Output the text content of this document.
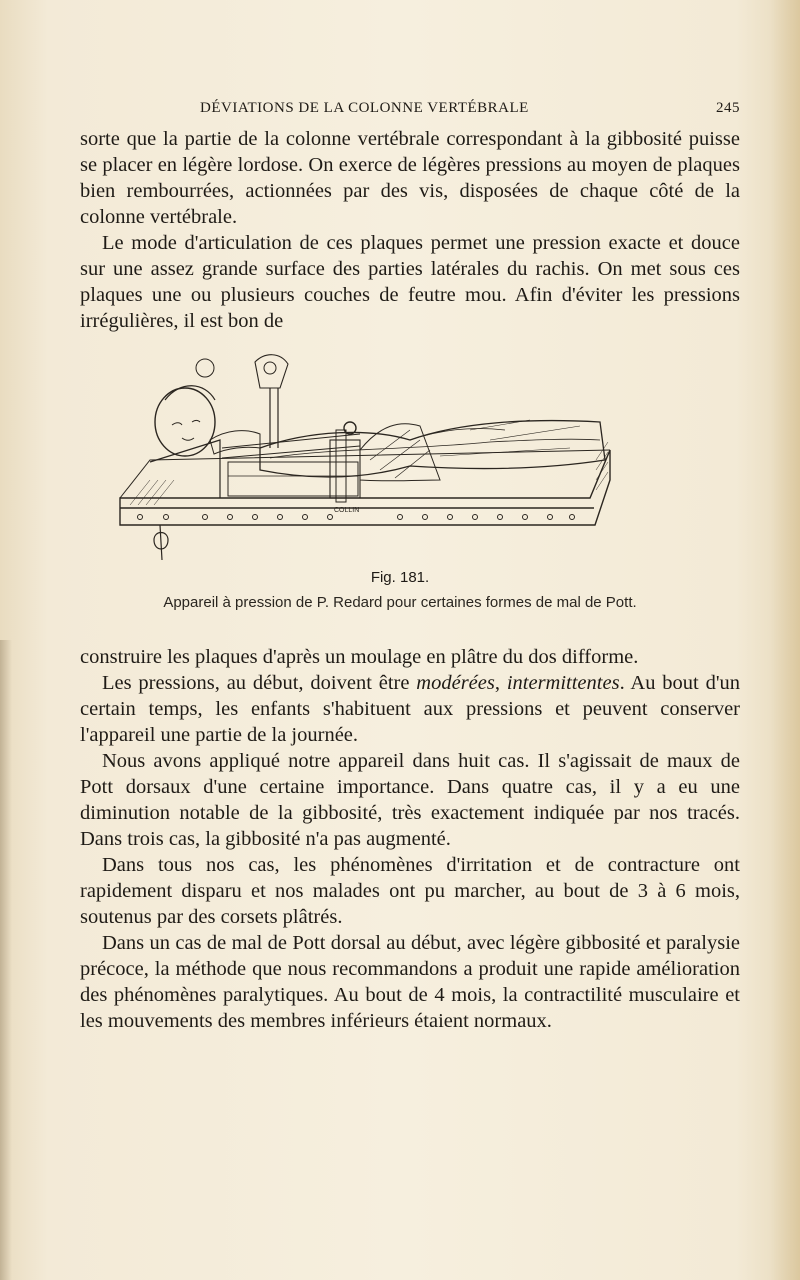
DÉVIATIONS DE LA COLONNE VERTÉBRALE	245

sorte que la partie de la colonne vertébrale correspondant à la gibbosité puisse se placer en légère lordose. On exerce de légères pressions au moyen de plaques bien rembourrées, actionnées par des vis, disposées de chaque côté de la colonne vertébrale.

Le mode d'articulation de ces plaques permet une pression exacte et douce sur une assez grande surface des parties latérales du rachis. On met sous ces plaques une ou plusieurs couches de feutre mou. Afin d'éviter les pressions irrégulières, il est bon de

COLLIN
Fig. 181.
Appareil à pression de P. Redard pour certaines formes de mal de Pott.

construire les plaques d'après un moulage en plâtre du dos difforme.

Les pressions, au début, doivent être modérées, intermittentes. Au bout d'un certain temps, les enfants s'habituent aux pressions et peuvent conserver l'appareil une partie de la journée.

Nous avons appliqué notre appareil dans huit cas. Il s'agissait de maux de Pott dorsaux d'une certaine importance. Dans quatre cas, il y a eu une diminution notable de la gibbosité, très exactement indiquée par nos tracés. Dans trois cas, la gibbosité n'a pas augmenté.

Dans tous nos cas, les phénomènes d'irritation et de contracture ont rapidement disparu et nos malades ont pu marcher, au bout de 3 à 6 mois, soutenus par des corsets plâtrés.

Dans un cas de mal de Pott dorsal au début, avec légère gibbosité et paralysie précoce, la méthode que nous recommandons a produit une rapide amélioration des phénomènes paralytiques. Au bout de 4 mois, la contractilité musculaire et les mouvements des membres inférieurs étaient normaux.
